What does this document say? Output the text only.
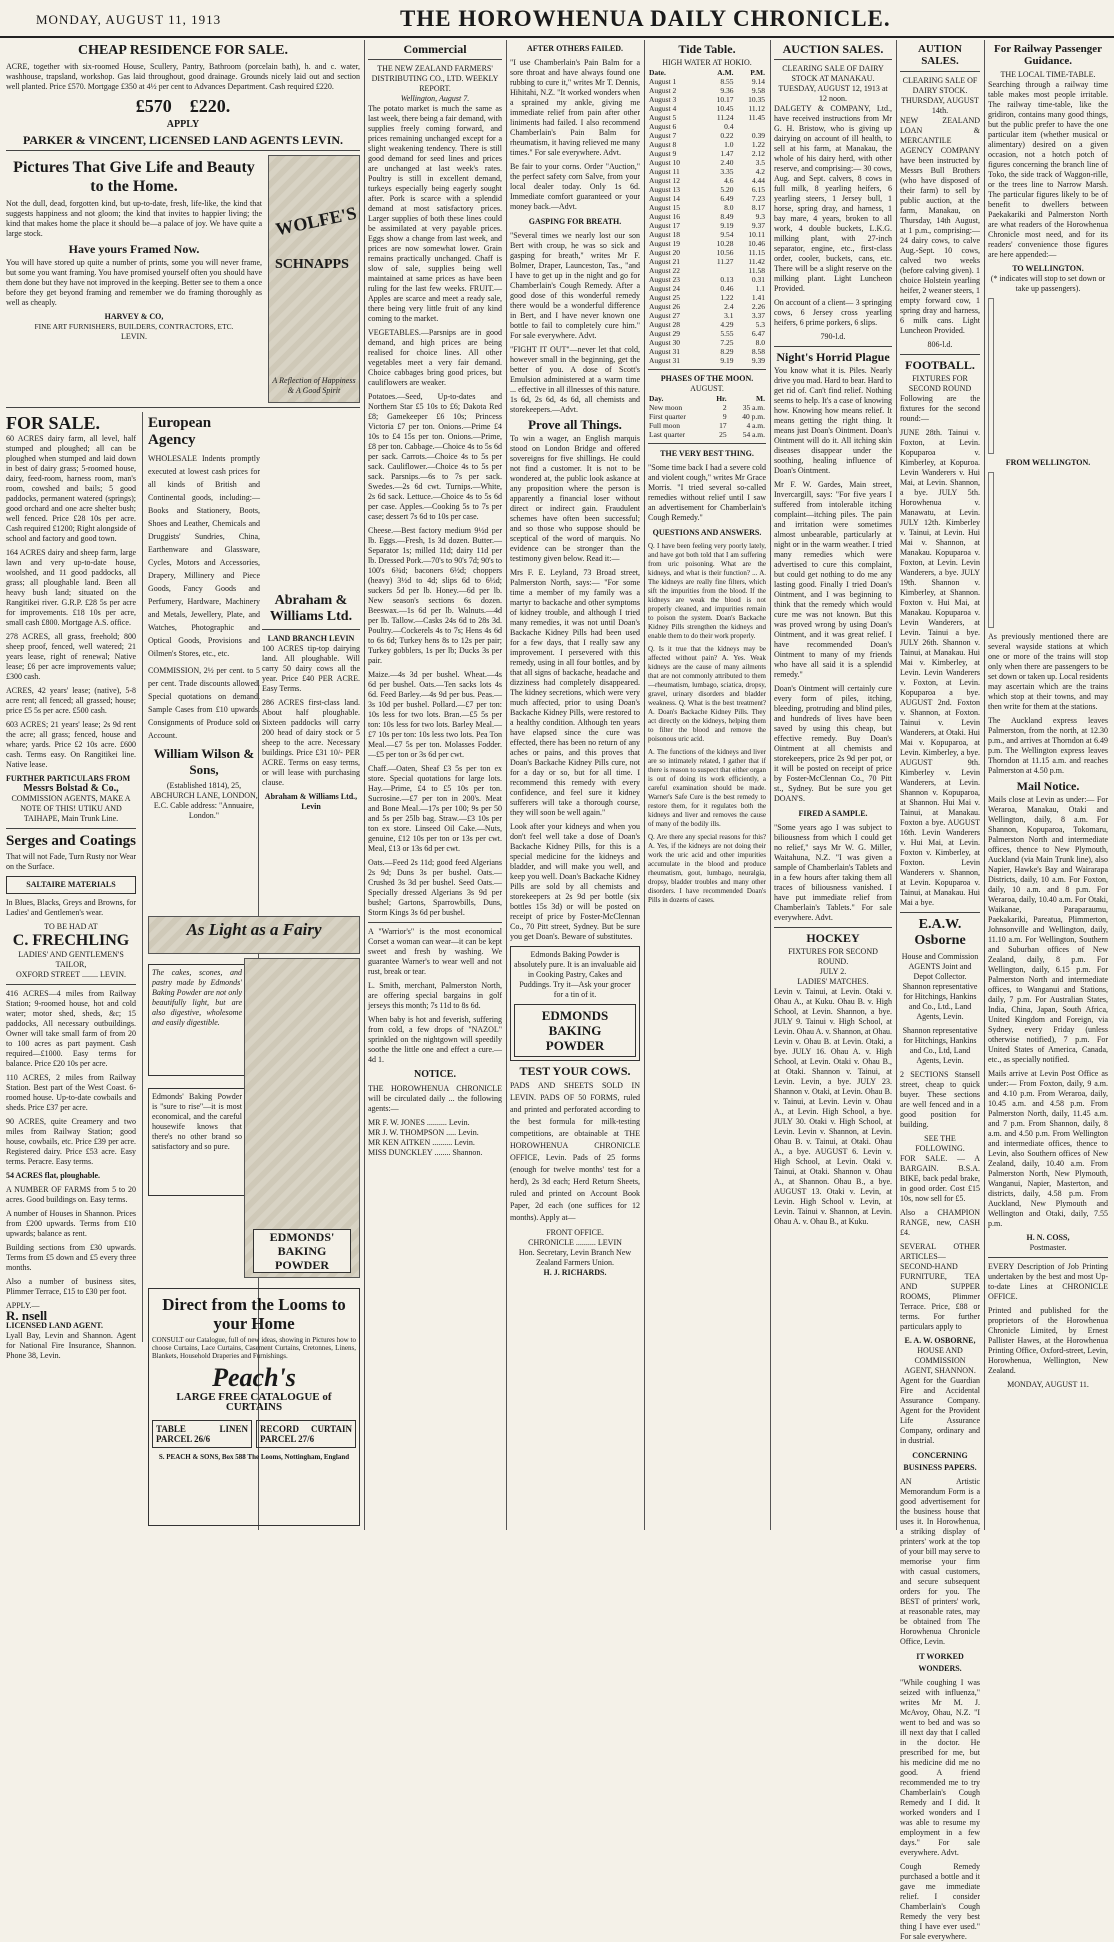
MONDAY, AUGUST 11, 1913	THE HOROWHENUA DAILY CHRONICLE.
CHEAP RESIDENCE FOR SALE.

ACRE, together with six-roomed House, Scullery, Pantry, Bathroom (porcelain bath), h. and c. water, washhouse, trapsland, workshop. Gas laid throughout, good drainage. Grounds nicely laid out and section well planted. Price £570. Mortgage £350 at 4½ per cent to Advances Department. Cash required £220.

£570 £220.
APPLY
PARKER & VINCENT, LICENSED LAND AGENTS LEVIN.
Pictures That Give Life and Beauty to the Home.

Not the dull, dead, forgotten kind, but up-to-date, fresh, life-like, the kind that suggests happiness and not gloom; the kind that invites to happier living; the kind that makes home the place it should be—a palace of joy. We have quite a large stock.

Have yours Framed Now.

You will have stored up quite a number of prints, some you will never frame, but some you want framing. You have promised yourself often you should have them done but they have not improved in the keeping. Better see to them a once before they get beyond framing and remember we do framing thoroughly as well as cheaply.

HARVEY & CO,
FINE ART FURNISHERS, BUILDERS, CONTRACTORS, ETC.
LEVIN.
WOLFE'S
SCHNAPPS
A Reflection of Happiness & A Good Spirit
FOR SALE.

60 ACRES dairy farm, all level, half stumped and ploughed; all can be ploughed when stumped and laid down in best of dairy grass; 5-roomed house, dairy, feed-room, harness room, man's room, cowshed and bails; 5 good paddocks, permanent watered (springs); good orchard and one acre shelter bush; well fenced. Price £28 10s per acre. Cash required £1200; Right alongside of school and factory and good town.

164 ACRES dairy and sheep farm, large lawn and very up-to-date house, woolshed, and 11 good paddocks, all grass; all ploughable land. Been all heavy bush land; situated on the Rangitikei river. G.R.P. £28 5s per acre for improvements. £18 10s per acre, small cash £800. Mortgage A.S. office.

278 ACRES, all grass, freehold; 800 sheep proof, fenced, well watered; 21 years lease, right of renewal; Native lease; £6 per acre improvements value; £300 cash.

ACRES, 42 years' lease; (native), 5-8 acre rent; all fenced; all grassed; house; price £5 5s per acre. £500 cash.

603 ACRES; 21 years' lease; 2s 9d rent the acre; all grass; fenced, house and whare; yards. Price £2 10s acre. £600 cash. Terms easy. On Rangitikei line. Native lease.

FURTHER PARTICULARS FROM
Messrs Bolstad & Co.,

COMMISSION AGENTS, MAKE A NOTE OF THIS! UTIKU AND TAIHAPE, Main Trunk Line.

Serges and Coatings

That will not Fade, Turn Rusty nor Wear on the Surface.

SALTAIRE MATERIALS

In Blues, Blacks, Greys and Browns, for Ladies' and Gentlemen's wear.

TO BE HAD AT
C. FRECHLING
LADIES' AND GENTLEMEN'S TAILOR,
OXFORD STREET ........ LEVIN.

416 ACRES—4 miles from Railway Station; 9-roomed house, hot and cold water; motor shed, sheds, &c; 15 paddocks, All necessary outbuildings. Owner will take small farm of from 20 to 100 acres as part payment. Cash required—£1000. Easy terms for balance. Price £20 10s per acre.

110 ACRES, 2 miles from Railway Station. Best part of the West Coast. 6-roomed house. Up-to-date cowbails and sheds. Price £37 per acre.

90 ACRES, quite Creamery and two miles from Railway Station; good house, cowbails, etc. Price £39 per acre. Registered dairy. Price £53 acre. Easy terms. Peracre. Easy terms.

54 ACRES flat, ploughable.

A NUMBER OF FARMS from 5 to 20 acres. Good buildings on. Easy terms.

A number of Houses in Shannon. Prices from £200 upwards. Terms from £10 upwards; balance as rent.

Building sections from £30 upwards. Terms from £5 down and £5 every three months.

Also a number of business sites, Plimmer Terrace, £15 to £30 per foot.

APPLY.—
R. nsell
LICENSED LAND AGENT.

Lyall Bay, Levin and Shannon. Agent for National Fire Insurance, Shannon. Phone 38, Levin.

European Agency

WHOLESALE Indents promptly executed at lowest cash prices for all kinds of British and Continental goods, including:— Books and Stationery, Boots, Shoes and Leather, Chemicals and Druggists' Sundries, China, Earthenware and Glassware, Cycles, Motors and Accessories, Drapery, Millinery and Piece Goods, Fancy Goods and Perfumery, Hardware, Machinery and Metals, Jewellery, Plate, and Watches, Photographic and Optical Goods, Provisions and Oilmen's Stores, etc., etc.

COMMISSION, 2½ per cent. to 5 per cent. Trade discounts allowed. Special quotations on demand. Sample Cases from £10 upwards. Consignments of Produce sold on Account.

William Wilson & Sons,

(Established 1814), 25, ABCHURCH LANE, LONDON, E.C. Cable address: "Annuaire, London."

Abraham & Williams Ltd.
LAND BRANCH LEVIN

100 ACRES tip-top dairying land. All ploughable. Will carry 50 dairy cows all the year. Price £40 PER ACRE. Easy Terms.

286 ACRES first-class land. About half ploughable. Sixteen paddocks will carry 200 head of dairy stock or 5 sheep to the acre. Necessary buildings. Price £31 10/- PER ACRE. Terms on easy terms, or will lease with purchasing clause.

Abraham & Williams Ltd., Levin
As Light as a Fairy
The cakes, scones, and pastry made by Edmonds' Baking Powder are not only beautifully light, but are also digestive, wholesome and easily digestible.
Edmonds' Baking Powder is "sure to rise"—it is most economical, and the careful housewife knows that there's no other brand so satisfactory and so pure.
EDMONDS' BAKING POWDER
Direct from the Looms to your Home

CONSULT our Catalogue, full of new ideas, showing in Pictures how to choose Curtains, Lace Curtains, Casement Curtains, Cretonnes, Linens, Blankets, Household Draperies and Furnishings.

Peach's
LARGE FREE CATALOGUE of CURTAINS
TABLE LINEN PARCEL 26/6
RECORD CURTAIN PARCEL 27/6
S. PEACH & SONS, Box 588 The Looms, Nottingham, England
Commercial
THE NEW ZEALAND FARMERS' DISTRIBUTING CO., LTD. WEEKLY REPORT.
Wellington, August 7.

The potato market is much the same as last week, there being a fair demand, with supplies freely coming forward, and prices remaining unchanged except for a slight weakening tendency. There is still good demand for seed lines and prices are unchanged at last week's rates. Poultry is still in excellent demand, turkeys especially being eagerly sought after. Pork is scarce with a splendid demand at most satisfactory prices. Larger supplies of both these lines could be assimilated at very payable prices. Eggs show a change from last week, and prices are now somewhat lower. Grain remains practically unchanged. Chaff is slow of sale, supplies being well maintained at same prices as have been ruling for the last few weeks. FRUIT.—Apples are scarce and meet a ready sale, there being very little fruit of any kind coming to the market.

VEGETABLES.—Parsnips are in good demand, and high prices are being realised for choice lines. All other vegetables meet a very fair demand. Choice cabbages bring good prices, but cauliflowers are weaker.

Potatoes.—Seed, Up-to-dates and Northern Star £5 10s to £6; Dakota Red £8; Gamekeeper £6 10s; Princess Victoria £7 per ton. Onions.—Prime £4 10s to £4 15s per ton. Onions.—Prime, £8 per ton. Cabbage.—Choice 4s to 5s 6d per sack. Carrots.—Choice 4s to 5s per sack. Cauliflower.—Choice 4s to 5s per sack. Parsnips.—6s to 7s per sack. Swedes.—2s 6d cwt. Turnips.—White, 2s 6d sack. Lettuce.—Choice 4s to 5s 6d per case. Apples.—Cooking 5s to 7s per case; dessert 7s 6d to 10s per case.

Cheese.—Best factory medium 9½d per lb. Eggs.—Fresh, 1s 3d dozen. Butter.—Separator 1s; milled 11d; dairy 11d per lb. Dressed Pork.—70's to 90's 7d; 90's to 100's 6¾d; baconers 6½d; choppers (heavy) 3½d to 4d; slips 6d to 6½d; suckers 5d per lb. Honey.—6d per lb. New season's sections 6s dozen. Beeswax.—1s 6d per lb. Walnuts.—4d per lb. Tallow.—Casks 24s 6d to 28s 3d. Poultry.—Cockerels 4s to 7s; Hens 4s 6d to 6s 6d; Turkey hens 8s to 12s per pair; Turkey gobblers, 1s per lb; Ducks 3s per pair.

Maize.—4s 3d per bushel. Wheat.—4s 6d per bushel. Oats.—Ten sacks lots 4s 6d. Feed Barley.—4s 9d per bus. Peas.—3s 10d per bushel. Pollard.—£7 per ton: 10s less for two lots. Bran.—£5 5s per ton: 10s less for two lots. Barley Meal.—£7 10s per ton: 10s less two lots. Pea Ton Meal.—£7 5s per ton. Molasses Fodder.—£5 per ton or 3s 6d per cwt.

Chaff.—Oaten, Sheaf £3 5s per ton ex store. Special quotations for large lots. Hay.—Prime, £4 to £5 10s per ton. Sucrosine.—£7 per ton in 200's. Meat and Bone Meal.—17s per 100; 9s per 50 and 5s per 25lb bag. Straw.—£3 10s per ton ex store. Linseed Oil Cake.—Nuts, genuine, £12 10s per ton or 13s per cwt. Meal, £13 or 13s 6d per cwt.

Oats.—Feed 2s 11d; good feed Algerians 2s 9d; Duns 3s per bushel. Oats.—Crushed 3s 3d per bushel. Seed Oats.—Specially dressed Algerians 3s 9d per bushel; Gartons, Sparrowbills, Duns, Storm Kings 3s 6d per bushel.

A "Warrior's" is the most economical Corset a woman can wear—it can be kept sweet and fresh by washing. We guarantee Warner's to wear well and not rust, break or tear.

L. Smith, merchant, Palmerston North, are offering special bargains in golf jerseys this month; 7s 11d to 8s 6d.

When baby is hot and feverish, suffering from cold, a few drops of "NAZOL" sprinkled on the nightgown will speedily soothe the little one and effect a cure.—4d 1.

NOTICE.

THE HOROWHENUA CHRONICLE will be circulated daily ... the following agents:—

MR F. W. JONES .......... Levin.
MR J. W. THOMPSON ..... Levin.
MR KEN AITKEN .......... Levin.
MISS DUNCKLEY ........ Shannon.
AFTER OTHERS FAILED.

"I use Chamberlain's Pain Balm for a sore throat and have always found one rubbing to cure it," writes Mr T. Dennis, Hihitahi, N.Z. "It worked wonders when a sprained my ankle, giving me immediate relief from pain after other liniments had failed. I also recommend Chamberlain's Pain Balm for rheumatism, it having relieved me many times." For sale everywhere. Advt.

Be fair to your corns. Order "Auction," the perfect safety corn Salve, from your local dealer today. Only 1s 6d. Immediate comfort guaranteed or your money back.—Advt.

GASPING FOR BREATH.

"Several times we nearly lost our son Bert with croup, he was so sick and gasping for breath," writes Mr F. Bolmer, Draper, Launceston, Tas., "and I have to get up in the night and go for Chamberlain's Cough Remedy. After a good dose of this wonderful remedy there would be a wonderful difference in Bert, and I have never known one bottle to fail to completely cure him." For sale everywhere. Advt.

"FIGHT IT OUT"—never let that cold, however small in the beginning, get the better of you. A dose of Scott's Emulsion administered at a warm time ... effective in all illnesses of this nature. 1s 6d, 2s 6d, 4s 6d, all chemists and storekeepers.—Advt.

Prove all Things.

To win a wager, an English marquis stood on London Bridge and offered sovereigns for five shillings. He could not find a customer. It is not to be wondered at, the public look askance at any proposition where the person is apparently a financial loser without direct or indirect gain. Fraudulent schemes have often been successful; and so those who suppose should be sceptical of the word of marquis. No evidence can be stronger than the testimony given below. Read it:—

Mrs F. E. Leyland, 73 Broad street, Palmerston North, says:— "For some time a member of my family was a martyr to backache and other symptoms of kidney trouble, and although I tried many remedies, it was not until Doan's Backache Kidney Pills had been used for a few days, that I really saw any improvement. I persevered with this remedy, using in all four bottles, and by that all signs of backache, headache and dizziness had completely disappeared. The kidney secretions, which were very much affected, prior to using Doan's Backache Kidney Pills, were restored to a healthy condition. Although ten years have elapsed since the cure was effected, there has been no return of any aches or pains, and this proves that Doan's Backache Kidney Pills cure, not for a day or so, but for all time. I recommend this remedy with every confidence, and feel sure it kidney sufferers will take a thorough course, they will soon be well again."

Look after your kidneys and when you don't feel well take a dose of Doan's Backache Kidney Pills, for this is a special medicine for the kidneys and bladder, and will make you well, and keep you well. Doan's Backache Kidney Pills are sold by all chemists and storekeepers at 2s 9d per bottle (six bottles 15s 3d) or will be posted on receipt of price by Foster-McClennan Co., 70 Pitt street, Sydney. But be sure you get Doan's. Beware of substitutes.

Edmonds Baking Powder is absolutely pure. It is an invaluable aid in Cooking Pastry, Cakes and Puddings. Try it—Ask your grocer for a tin of it.

EDMONDS BAKING POWDER
TEST YOUR COWS.

PADS AND SHEETS SOLD IN LEVIN. PADS OF 50 FORMS, ruled and printed and perforated according to the best formula for milk-testing competitions, are obtainable at THE HOROWHENUA CHRONICLE OFFICE, Levin. Pads of 25 forms (enough for twelve months' test for a herd), 2s 3d each; Herd Return Sheets, ruled and printed on Account Book Paper, 2d each (one suffices for 12 months). Apply at—

FRONT OFFICE.
CHRONICLE .......... LEVIN
Hon. Secretary, Levin Branch New Zealand Farmers Union.
H. J. RICHARDS.
Tide Table.
HIGH WATER AT HOKIO.
Date.	A.M.	P.M.
August 1	8.55	9.14
August 2	9.36	9.58
August 3	10.17	10.35
August 4	10.45	11.12
August 5	11.24	11.45
August 6	0.4	
August 7	0.22	0.39
August 8	1.0	1.22
August 9	1.47	2.12
August 10	2.40	3.5
August 11	3.35	4.2
August 12	4.6	4.44
August 13	5.20	6.15
August 14	6.49	7.23
August 15	8.0	8.17
August 16	8.49	9.3
August 17	9.19	9.37
August 18	9.54	10.11
August 19	10.28	10.46
August 20	10.56	11.15
August 21	11.27	11.42
August 22		11.58
August 23	0.13	0.31
August 24	0.46	1.1
August 25	1.22	1.41
August 26	2.4	2.26
August 27	3.1	3.37
August 28	4.29	5.3
August 29	5.55	6.47
August 30	7.25	8.0
August 31	8.29	8.58
August 31	9.19	9.39
PHASES OF THE MOON.
AUGUST.
Day.	Hr.	M.
New moon	2	35 a.m.
First quarter	9	40 p.m.
Full moon	17	4 a.m.
Last quarter	25	54 a.m.
THE VERY BEST THING.

"Some time back I had a severe cold and violent cough," writes Mr Grace Morris. "I tried several so-called remedies without relief until I saw an advertisement for Chamberlain's Cough Remedy."

QUESTIONS AND ANSWERS.

Q. I have been feeling very poorly lately, and have got both told that I am suffering from uric poisoning. What are the kidneys, and what is their function? ... A. The kidneys are really fine filters, which sift the impurities from the blood. If the kidneys are weak the blood is not properly cleaned, and impurities remain to poison the system. Doan's Backache Kidney Pills strengthen the kidneys and enable them to do their work properly.

Q. Is it true that the kidneys may be affected without pain? A. Yes. Weak kidneys are the cause of many ailments that are not commonly attributed to them—rheumatism, lumbago, sciatica, dropsy, gravel, urinary disorders and bladder weakness. Q. What is the best treatment? A. Doan's Backache Kidney Pills. They act directly on the kidneys, helping them to filter the blood and remove the poisonous uric acid.

A. The functions of the kidneys and liver are so intimately related, I gather that if there is reason to suspect that either organ is out of doing its work efficiently, a careful examination should be made. Warner's Safe Cure is the best remedy to restore them, for it regulates both the kidneys and liver and removes the cause of many of the bodily ills.

Q. Are there any special reasons for this? A. Yes, if the kidneys are not doing their work the uric acid and other impurities accumulate in the blood and produce rheumatism, gout, lumbago, neuralgia, dropsy, bladder troubles and many other disorders. I have recommended Doan's Pills in dozens of cases.

AUCTION SALES.
CLEARING SALE OF DAIRY STOCK AT MANAKAU.
TUESDAY, AUGUST 12, 1913 at 12 noon.

DALGETY & COMPANY, Ltd., have received instructions from Mr G. H. Bristow, who is giving up dairying on account of ill health, to sell at his farm, at Manakau, the whole of his dairy herd, with other reserve, and comprising:— 30 cows, Aug. and Sept. calvers, 8 cows in full milk, 8 yearling heifers, 6 yearling steers, 1 Jersey bull, 1 horse, spring dray, and harness, 1 bay mare, 4 years, broken to all work, 4 double buckets, L.K.G. milking plant, with 27-inch separator, engine, etc., first-class order, cooler, buckets, cans, etc. There will be a slight reserve on the milking plant. Light Luncheon Provided.

On account of a client— 3 springing cows, 6 Jersey cross yearling heifers, 6 prime porkers, 6 slips.

790-l.d.
Night's Horrid Plague

You know what it is. Piles. Nearly drive you mad. Hard to bear. Hard to get rid of. Can't find relief. Nothing seems to help. It's a case of knowing how. Knowing how means relief. It means getting the right thing. It means just Doan's Ointment. Doan's Ointment will do it. All itching skin diseases disappear under the soothing, healing influence of Doan's Ointment.

Mr F. W. Gardes, Main street, Invercargill, says: "For five years I suffered from intolerable itching complaint—itching piles. The pain and irritation were sometimes almost unbearable, particularly at night or in the warm weather. I tried many remedies which were advertised to cure this complaint, but could get nothing to do me any lasting good. Finally I tried Doan's Ointment, and I was beginning to think that the remedy which would cure me was not known. But this was proved wrong by using Doan's Ointment, and it was great relief. I have recommended Doan's Ointment to many of my friends who have all said it is a splendid remedy."

Doan's Ointment will certainly cure every form of piles, itching, bleeding, protruding and blind piles, and hundreds of lives have been saved by using this cheap, but effective remedy. Buy Doan's Ointment at all chemists and storekeepers, price 2s 9d per pot, or it will be posted on receipt of price by Foster-McClennan Co., 70 Pitt st., Sydney. But be sure you get DOAN'S.

FIRED A SAMPLE.

"Some years ago I was subject to biliousness from which I could get no relief," says Mr W. G. Miller, Waitahuna, N.Z. "I was given a sample of Chamberlain's Tablets and in a few hours after taking them all traces of biliousness vanished. I have put immediate relief from Chamberlain's Tablets." For sale everywhere. Advt.

HOCKEY
FIXTURES FOR SECOND ROUND.
JULY 2.
LADIES' MATCHES.

Levin v. Tainui, at Levin. Otaki v. Ohau A., at Kuku. Ohau B. v. High School, at Levin. Shannon, a bye. JULY 9. Tainui v. High School, at Levin. Ohau A. v. Shannon, at Ohau. Levin v. Ohau B. at Levin. Otaki, a bye. JULY 16. Ohau A. v. High School, at Levin. Otaki v. Ohau B., at Otaki. Shannon v. Tainui, at Levin. Levin, a bye. JULY 23. Shannon v. Otaki, at Levin. Ohau B. v. Tainui, at Levin. Levin v. Ohau A., at Levin. High School, a bye. JULY 30. Otaki v. High School, at Levin. Levin v. Shannon, at Levin. Ohau B. v. Tainui, at Otaki. Ohau A., a bye. AUGUST 6. Levin v. High School, at Levin. Otaki v. Tainui, at Otaki. Shannon v. Ohau A., at Shannon. Ohau B., a bye. AUGUST 13. Otaki v. Levin, at Levin. High School v. Levin, at Levin. Tainui v. Shannon, at Levin. Ohau A. v. Ohau B., at Kuku.

AUTION SALES.
CLEARING SALE OF DAIRY STOCK.
THURSDAY, AUGUST 14th.

NEW ZEALAND LOAN & MERCANTILE AGENCY COMPANY have been instructed by Messrs Bull Brothers (who have disposed of their farm) to sell by public auction, at the farm, Manakau, on Thursday, 14th August, at 1 p.m., comprising:— 24 dairy cows, to calve Aug.-Sept. 10 cows, calved two weeks (before calving given). 1 choice Holstein yearling heifer, 2 weaner steers, 1 empty forward cow, 1 spring dray and harness, 6 milk cans. Light Luncheon Provided.

806-l.d.
FOOTBALL.
FIXTURES FOR SECOND ROUND

Following are the fixtures for the second round:—

JUNE 28th. Tainui v. Foxton, at Levin. Kopuparoa v. Kimberley, at Kopuroa. Levin Wanderers v. Hui Mai, at Levin. Shannon, a bye. JULY 5th. Horowhenua v. Manawatu, at Levin. JULY 12th. Kimberley v. Tainui, at Levin. Hui Mai v. Shannon, at Manakau. Kopuparoa v. Foxton, at Levin. Levin Wanderers, a bye. JULY 19th. Shannon v. Kimberley, at Shannon. Foxton v. Hui Mai, at Manakau. Kopuparoa v. Levin Wanderers, at Levin. Tainui a bye. JULY 26th. Shannon v. Tainui, at Manakau. Hui Mai v. Kimberley, at Levin. Levin Wanderers v. Foxton, at Levin. Kopuparoa a bye. AUGUST 2nd. Foxton v. Shannon, at Foxton. Tainui v. Levin Wanderers, at Otaki. Hui Mai v. Kopuparoa, at Levin. Kimberley, a bye. AUGUST 9th. Kimberley v. Levin Wanderers, at Levin. Shannon v. Kopuparoa, at Shannon. Hui Mai v. Tainui, at Manakau. Foxton a bye. AUGUST 16th. Levin Wanderers v. Hui Mai, at Levin. Foxton v. Kimberley, at Foxton. Levin Wanderers v. Shannon, at Levin. Kopuparoa v. Tainui, at Manakau. Hui Mai a bye.

E.A.W. Osborne

House and Commission AGENTS Joint and Depot Collector. Shannon representative for Hitchings, Hankins and Co., Ltd., Land Agents, Levin.

Shannon representative for Hitchings, Hankins and Co., Ltd, Land Agents, Levin.

2 SECTIONS Stansell street, cheap to quick buyer. These sections are well fenced and in a good position for building.

SEE THE FOLLOWING.

FOR SALE. — A BARGAIN. B.S.A. BIKE, back pedal brake, in good order. Cost £15 10s, now sell for £5.

Also a CHAMPION RANGE, new, CASH £4.

SEVERAL OTHER ARTICLES—SECOND-HAND FURNITURE, TEA AND SUPPER ROOMS, Plimmer Terrace. Price, £88 or terms. For further particulars apply to

E. A. W. OSBORNE,
HOUSE AND COMMISSION AGENT, SHANNON.

Agent for the Guardian Fire and Accidental Assurance Company. Agent for the Provident Life Assurance Company, ordinary and in dustrial.

CONCERNING BUSINESS PAPERS.

AN Artistic Memorandum Form is a good advertisement for the business house that uses it. In Horowhenua, a striking display of printers' work at the top of your bill may serve to memorise your firm with casual customers, and secure subsequent orders for you. The BEST of printers' work, at reasonable rates, may be obtained from The Horowhenua Chronicle Office, Levin.

IT WORKED WONDERS.

"While coughing I was seized with influenza," writes Mr M. J. McAvoy, Ohau, N.Z. "I went to bed and was so ill next day that I called in the doctor. He prescribed for me, but his medicine did me no good. A friend recommended me to try Chamberlain's Cough Remedy and I did. It worked wonders and I was able to resume my employment in a few days." For sale everywhere. Advt.

Cough Remedy purchased a bottle and it gave me immediate relief. I consider Chamberlain's Cough Remedy the very best thing I have ever used." For sale everywhere.

For Railway Passenger Guidance.
THE LOCAL TIME-TABLE.

Searching through a railway time table makes most people irritable. The railway time-table, like the gridiron, contains many good things, but the public prefer to have the one particular item (whether musical or alimentary) desired on a given occasion, not a hotch potch of figures concerning the branch line of Toko, the side track of Waggon-rille, or the trees line to Narrow Marsh. The particular figures likely to be of benefit to dwellers between Paekakariki and Palmerston North are what readers of the Horowhenua Chronicle most need, and for its readers' convenience those figures are here appended:—

TO WELLINGTON.

(* indicates will stop to set down or take up passengers).

FROM WELLINGTON.

As previously mentioned there are several wayside stations at which one or more of the trains will stop only when there are passengers to be set down or taken up. Local residents may ascertain which are the trains which stop at their towns, and may then write for them at the stations.

The Auckland express leaves Palmerston, from the north, at 12.30 p.m., and arrives at Thorndon at 6.49 p.m. The Wellington express leaves Thorndon at 11.15 a.m. and reaches Palmerston at 4.50 p.m.

Mail Notice.

Mails close at Levin as under:— For Weraroa, Manakau, Otaki and Wellington, daily, 8 a.m. For Shannon, Kopuparoa, Tokomaru, Palmerston North and intermediate offices, thence to New Plymouth, Auckland (via Main Trunk line), also Napier, Hawke's Bay and Wairarapa Districts, daily, 10 a.m. For Foxton, daily, 10 a.m. and 8 p.m. For Weraroa, daily, 10.40 a.m. For Otaki, Waikanae, Paraparaumu, Paekakariki, Pareatua, Plimmerton, Johnsonville and Wellington, daily, 11.10 a.m. For Wellington, Southern and Suburban offices of New Zealand, daily, 8 p.m. For Wellington, daily, 6.15 p.m. For Palmerston North and intermediate offices, to Wanganui and Stations, daily, 7 p.m. For Australian States, India, China, Japan, South Africa, United Kingdom and Foreign, via Sydney, every Friday (unless otherwise notified), 7 p.m. For United States of America, Canada, etc., as specially notified.

Mails arrive at Levin Post Office as under:— From Foxton, daily, 9 a.m. and 4.10 p.m. From Weraroa, daily, 10.45 a.m. and 4.58 p.m. From Palmerston North, daily, 11.45 a.m. and 7 p.m. From Shannon, daily, 8 a.m. and 4.50 p.m. From Wellington and intermediate offices, thence to Levin, also Southern offices of New Zealand, daily, 10.40 a.m. From Palmerston North, New Plymouth, Wanganui, Napier, Masterton, and districts, daily, 4.58 p.m. From Auckland, New Plymouth and Wellington and Otaki, daily, 7.55 p.m.

H. N. COSS,
Postmaster.

EVERY Description of Job Printing undertaken by the best and most Up-to-date Lines at CHRONICLE OFFICE.

Printed and published for the proprietors of the Horowhenua Chronicle Limited, by Ernest Pallister Hawes, at the Horowhenua Printing Office, Oxford-street, Levin, Horowhenua, Wellington, New Zealand.

MONDAY, AUGUST 11.
